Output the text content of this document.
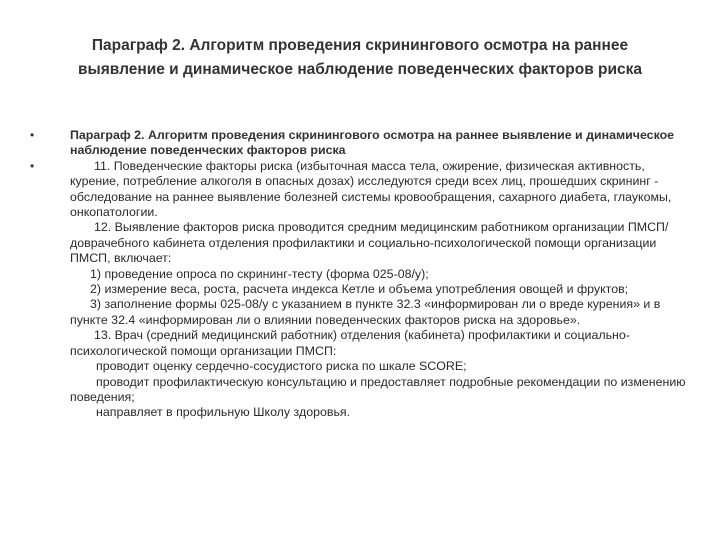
Параграф 2. Алгоритм проведения скринингового осмотра на раннее
выявление и динамическое наблюдение поведенческих факторов риска
•	Параграф 2. Алгоритм проведения скринингового осмотра на раннее выявление и динамическое наблюдение поведенческих факторов риска
•	11. Поведенческие факторы риска (избыточная масса тела, ожирение, физическая активность, курение, потребление алкоголя в опасных дозах) исследуются среди всех лиц, прошедших скрининг - обследование на раннее выявление болезней системы кровообращения, сахарного диабета, глаукомы, онкопатологии.
12. Выявление факторов риска проводится средним медицинским работником организации ПМСП/доврачебного кабинета отделения профилактики и социально-психологической помощи организации ПМСП, включает:
1) проведение опроса по скрининг-тесту (форма 025-08/у);
2) измерение веса, роста, расчета индекса Кетле и объема употребления овощей и фруктов;
3) заполнение формы 025-08/у с указанием в пункте 32.3 «информирован ли о вреде курения» и в пункте 32.4 «информирован ли о влиянии поведенческих факторов риска на здоровье».
13. Врач (средний медицинский работник) отделения (кабинета) профилактики и социально-психологической помощи организации ПМСП:
проводит оценку сердечно-сосудистого риска по шкале SCORE;
проводит профилактическую консультацию и предоставляет подробные рекомендации по изменению поведения;
направляет в профильную Школу здоровья.
